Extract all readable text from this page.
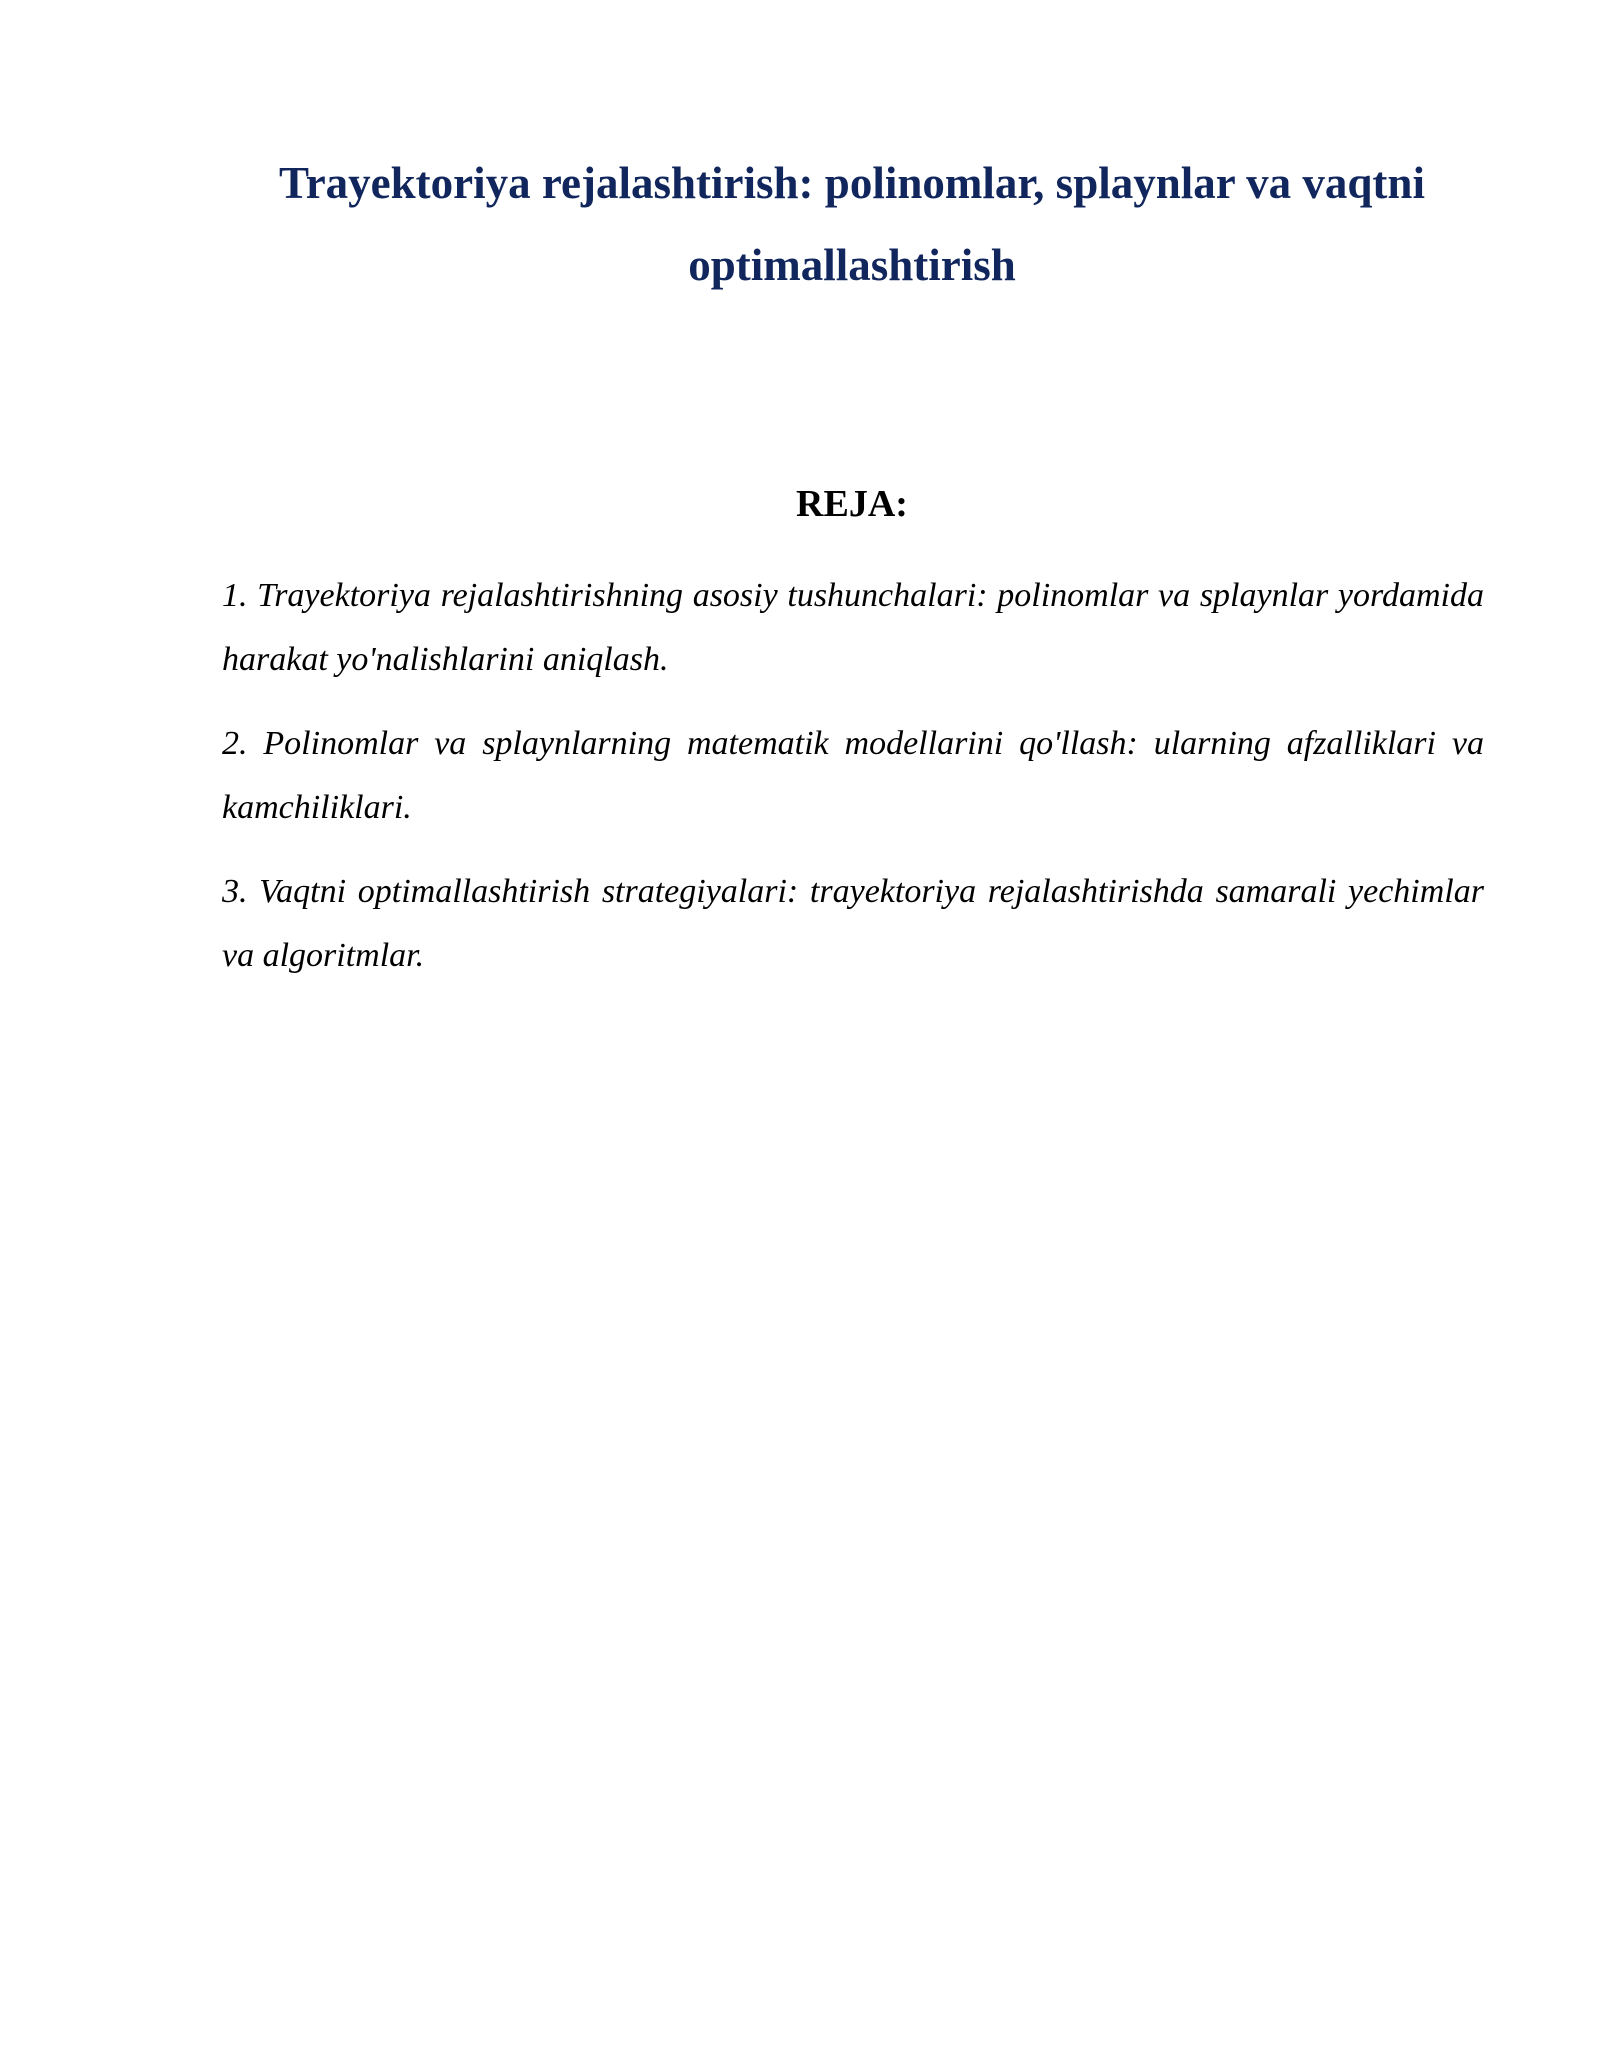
Trayektoriya rejalashtirish: polinomlar, splaynlar va vaqtni optimallashtirish
REJA:
1. Trayektoriya rejalashtirishning asosiy tushunchalari: polinomlar va splaynlar yordamida harakat yo'nalishlarini aniqlash.
2. Polinomlar va splaynlarning matematik modellarini qo'llash: ularning afzalliklari va kamchiliklari.
3. Vaqtni optimallashtirish strategiyalari: trayektoriya rejalashtirishda samarali yechimlar va algoritmlar.
